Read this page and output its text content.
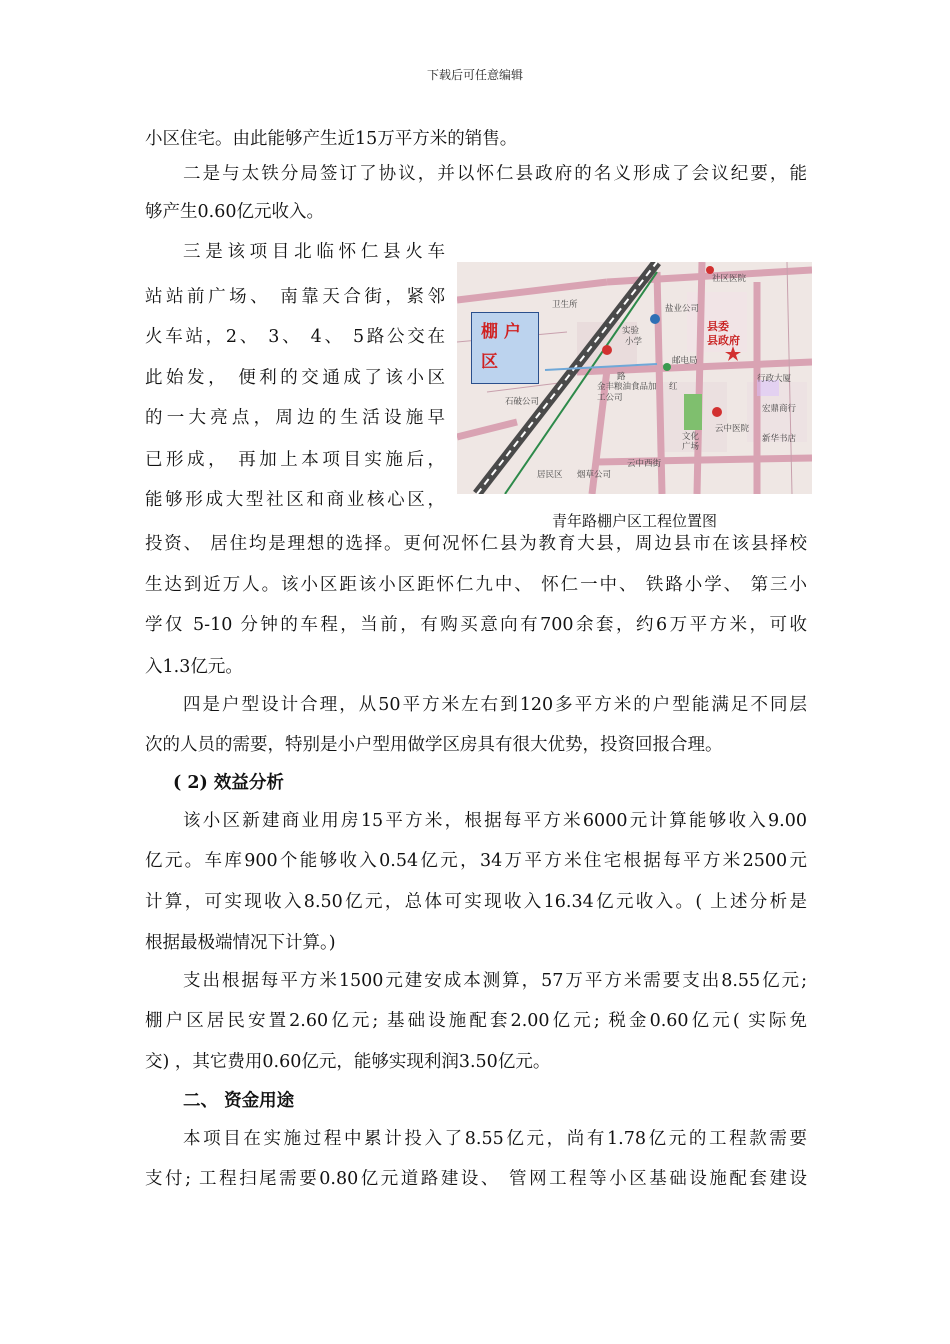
下载后可任意编辑
小区住宅。由此能够产生近15万平方米的销售。
二是与太铁分局签订了协议，并以怀仁县政府的名义形成了会议纪要，能
够产生0.60亿元收入。
三是该项目北临怀仁县火车
站站前广场、 南靠天合街，紧邻
火车站，2、 3、 4、 5路公交在
此始发， 便利的交通成了该小区
的一大亮点，周边的生活设施早
已形成， 再加上本项目实施后，
能够形成大型社区和商业核心区，
投资、 居住均是理想的选择。更何况怀仁县为教育大县，周边县市在该县择校
生达到近万人。该小区距该小区距怀仁九中、 怀仁一中、 铁路小学、 第三小
学仅 5-10 分钟的车程，当前，有购买意向有700余套，约6万平方米，可收
入1.3亿元。
四是户型设计合理，从50平方米左右到120多平方米的户型能满足不同层
次的人员的需要，特别是小户型用做学区房具有很大优势，投资回报合理。
( 2) 效益分析
该小区新建商业用房15平方米，根据每平方米6000元计算能够收入9.00
亿元。车库900个能够收入0.54亿元，34万平方米住宅根据每平方米2500元
计算，可实现收入8.50亿元，总体可实现收入16.34亿元收入。( 上述分析是
根据最极端情况下计算。)
支出根据每平方米1500元建安成本测算，57万平方米需要支出8.55亿元;
棚户区居民安置2.60亿元; 基础设施配套2.00亿元; 税金0.60亿元( 实际免
交) ，其它费用0.60亿元，能够实现利润3.50亿元。
二、 资金用途
本项目在实施过程中累计投入了8.55亿元，尚有1.78亿元的工程款需要
支付; 工程扫尾需要0.80亿元道路建设、 管网工程等小区基础设施配套建设
棚 户
区
县委
县政府
卫生所	盐业公司
实验
小学
石破公司
金丰粮油食品加工公司
红
居民区 烟草公司
新华书店
宏鼎商行
文化广场
云中医院
行政大厦
社区医院
邮电局
路
云中西街
青年路棚户区工程位置图
